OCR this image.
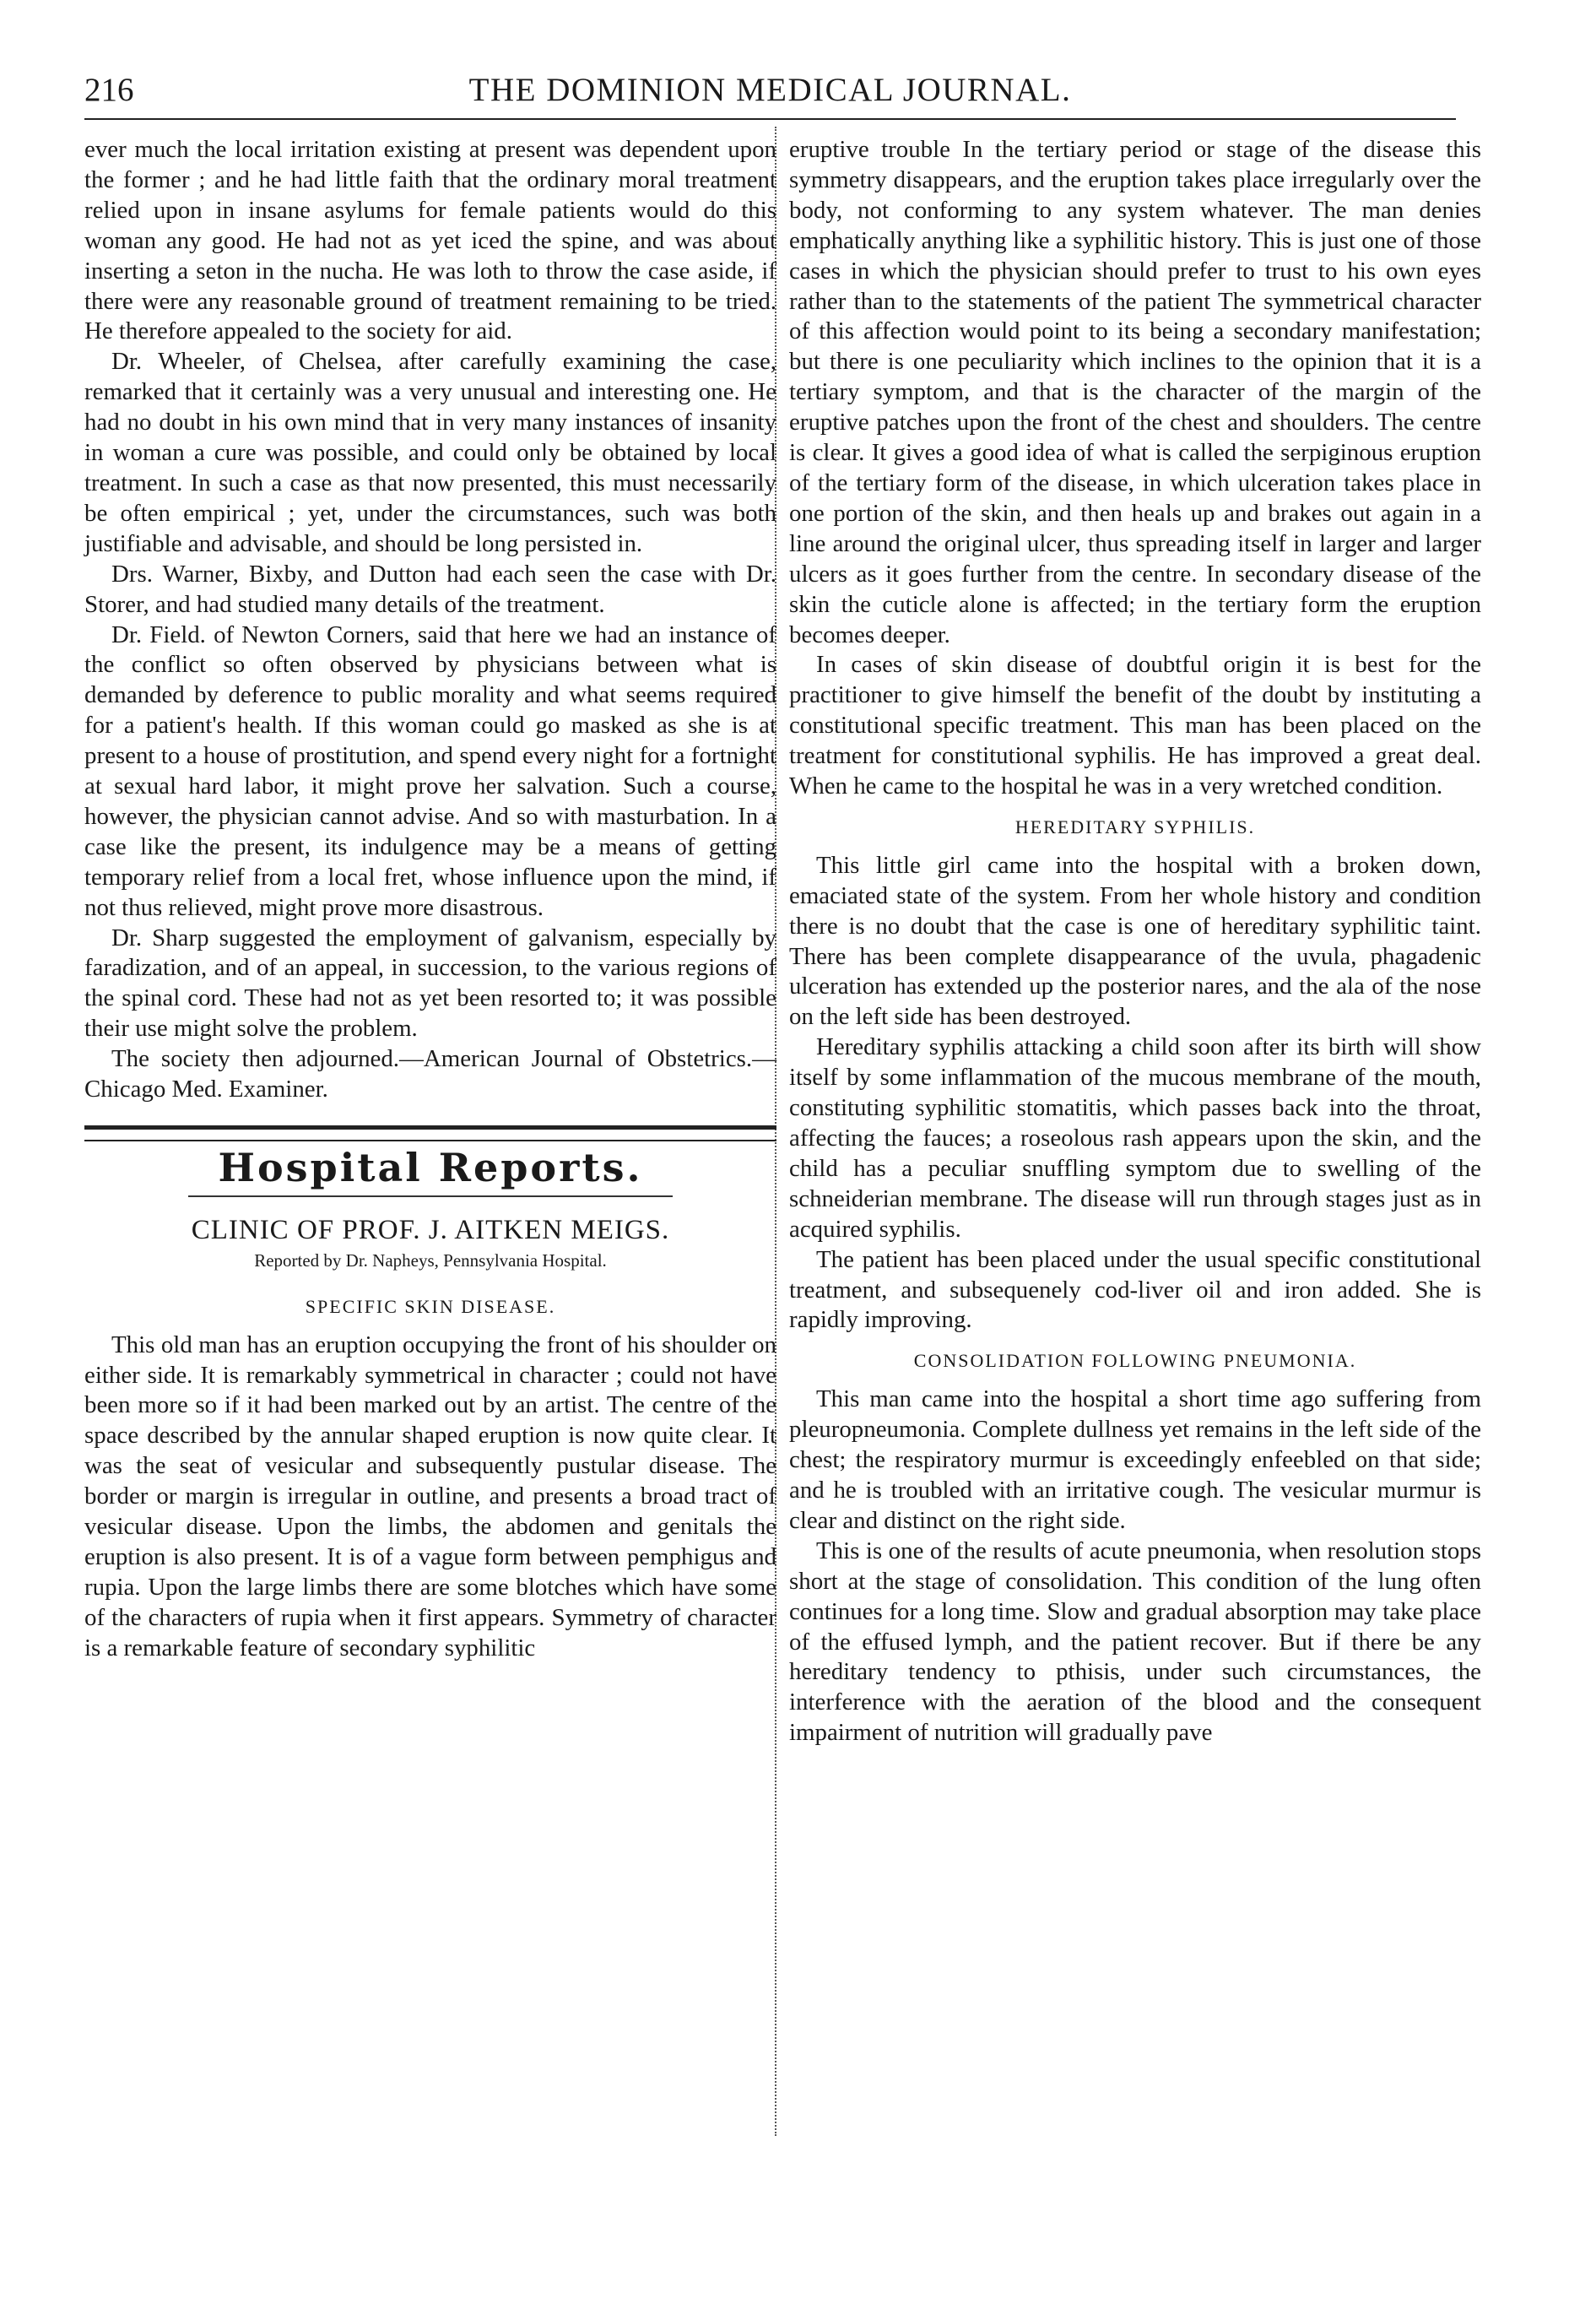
216	THE DOMINION MEDICAL JOURNAL.

ever much the local irritation existing at present was dependent upon the former ; and he had little faith that the ordinary moral treatment relied upon in insane asylums for female patients would do this woman any good. He had not as yet iced the spine, and was about inserting a seton in the nucha. He was loth to throw the case aside, if there were any reasonable ground of treatment remaining to be tried. He therefore appealed to the society for aid.

Dr. Wheeler, of Chelsea, after carefully examining the case, remarked that it certainly was a very unusual and interesting one. He had no doubt in his own mind that in very many instances of insanity in woman a cure was possible, and could only be obtained by local treatment. In such a case as that now presented, this must necessarily be often empirical ; yet, under the circumstances, such was both justifiable and advisable, and should be long persisted in.

Drs. Warner, Bixby, and Dutton had each seen the case with Dr. Storer, and had studied many details of the treatment.

Dr. Field. of Newton Corners, said that here we had an instance of the conflict so often observed by physicians between what is demanded by deference to public morality and what seems required for a patient's health. If this woman could go masked as she is at present to a house of prostitution, and spend every night for a fortnight at sexual hard labor, it might prove her salvation. Such a course, however, the physician cannot advise. And so with masturbation. In a case like the present, its indulgence may be a means of getting temporary relief from a local fret, whose influence upon the mind, if not thus relieved, might prove more disastrous.

Dr. Sharp suggested the employment of galvanism, especially by faradization, and of an appeal, in succession, to the various regions of the spinal cord. These had not as yet been resorted to; it was possible their use might solve the problem.

The society then adjourned.—American Journal of Obstetrics.—Chicago Med. Examiner.

Hospital Reports.

CLINIC OF PROF. J. AITKEN MEIGS.

Reported by Dr. Napheys, Pennsylvania Hospital.

SPECIFIC SKIN DISEASE.

This old man has an eruption occupying the front of his shoulder on either side. It is remarkably symmetrical in character ; could not have been more so if it had been marked out by an artist. The centre of the space described by the annular shaped eruption is now quite clear. It was the seat of vesicular and subsequently pustular disease. The border or margin is irregular in outline, and presents a broad tract of vesicular disease. Upon the limbs, the abdomen and genitals the eruption is also present. It is of a vague form between pemphigus and rupia. Upon the large limbs there are some blotches which have some of the characters of rupia when it first appears. Symmetry of character is a remarkable feature of secondary syphilitic

eruptive trouble In the tertiary period or stage of the disease this symmetry disappears, and the eruption takes place irregularly over the body, not conforming to any system whatever. The man denies emphatically anything like a syphilitic history. This is just one of those cases in which the physician should prefer to trust to his own eyes rather than to the statements of the patient The symmetrical character of this affection would point to its being a secondary manifestation; but there is one peculiarity which inclines to the opinion that it is a tertiary symptom, and that is the character of the margin of the eruptive patches upon the front of the chest and shoulders. The centre is clear. It gives a good idea of what is called the serpiginous eruption of the tertiary form of the disease, in which ulceration takes place in one portion of the skin, and then heals up and brakes out again in a line around the original ulcer, thus spreading itself in larger and larger ulcers as it goes further from the centre. In secondary disease of the skin the cuticle alone is affected; in the tertiary form the eruption becomes deeper.

In cases of skin disease of doubtful origin it is best for the practitioner to give himself the benefit of the doubt by instituting a constitutional specific treatment. This man has been placed on the treatment for constitutional syphilis. He has improved a great deal. When he came to the hospital he was in a very wretched condition.

HEREDITARY SYPHILIS.

This little girl came into the hospital with a broken down, emaciated state of the system. From her whole history and condition there is no doubt that the case is one of hereditary syphilitic taint. There has been complete disappearance of the uvula, phagadenic ulceration has extended up the posterior nares, and the ala of the nose on the left side has been destroyed.

Hereditary syphilis attacking a child soon after its birth will show itself by some inflammation of the mucous membrane of the mouth, constituting syphilitic stomatitis, which passes back into the throat, affecting the fauces; a roseolous rash appears upon the skin, and the child has a peculiar snuffling symptom due to swelling of the schneiderian membrane. The disease will run through stages just as in acquired syphilis.

The patient has been placed under the usual specific constitutional treatment, and subsequenely cod-liver oil and iron added. She is rapidly improving.

CONSOLIDATION FOLLOWING PNEUMONIA.

This man came into the hospital a short time ago suffering from pleuropneumonia. Complete dullness yet remains in the left side of the chest; the respiratory murmur is exceedingly enfeebled on that side; and he is troubled with an irritative cough. The vesicular murmur is clear and distinct on the right side.

This is one of the results of acute pneumonia, when resolution stops short at the stage of consolidation. This condition of the lung often continues for a long time. Slow and gradual absorption may take place of the effused lymph, and the patient recover. But if there be any hereditary tendency to pthisis, under such circumstances, the interference with the aeration of the blood and the consequent impairment of nutrition will gradually pave
